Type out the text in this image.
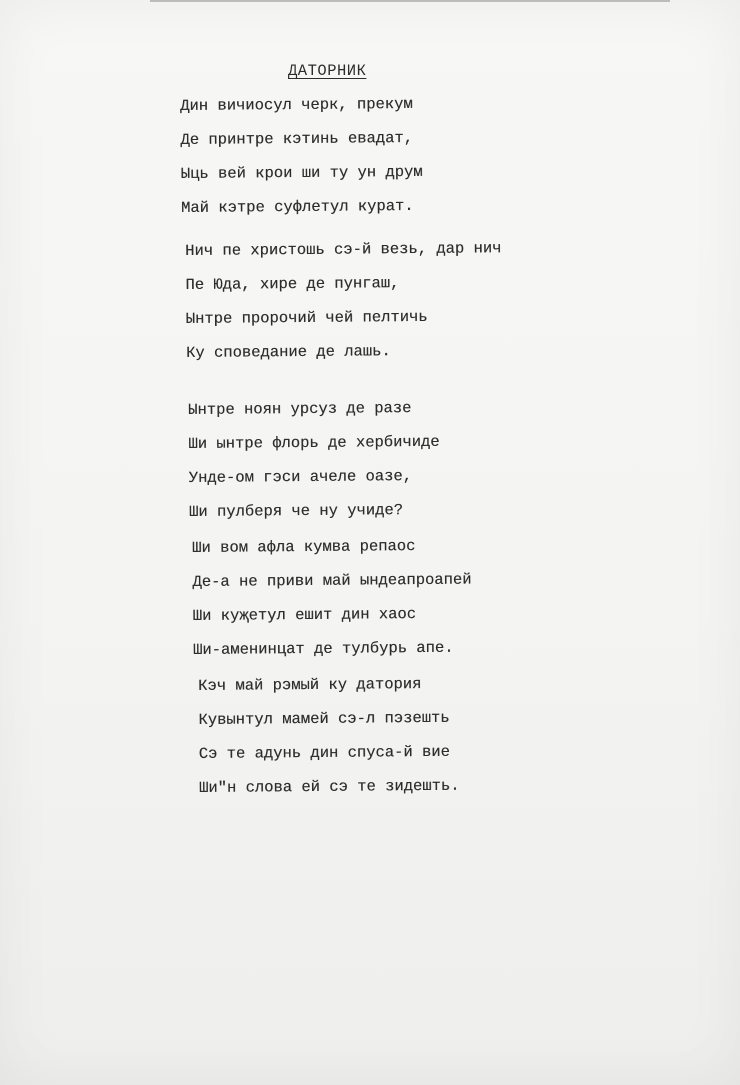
ДАТОРНИК
Дин вичиосул черк, прекум
Де принтре кэтинь евадат,
Ыць вей крои ши ту ун друм
Май кэтре суфлетул курат.
Нич пе христошь сэ-й везь, дар нич
Пе Юда, хире де пунгаш,
Ынтре пророчий чей пелтичь
Ку споведание де лашь.
Ынтре ноян урсуз де разе
Ши ынтре флорь де хербичиде
Унде-ом гэси ачеле оазе,
Ши пулберя че ну учиде?
Ши вом афла кумва репаос
Де-а не приви май ындеапроапей
Ши куҗетул ешит дин хаос
Ши-аменинцат де тулбурь апе.
Кэч май рэмый ку датория
Кувынтул мамей сэ-л пэзешть
Сэ те адунь дин спуса-й вие
Ши"н слова ей сэ те зидешть.
